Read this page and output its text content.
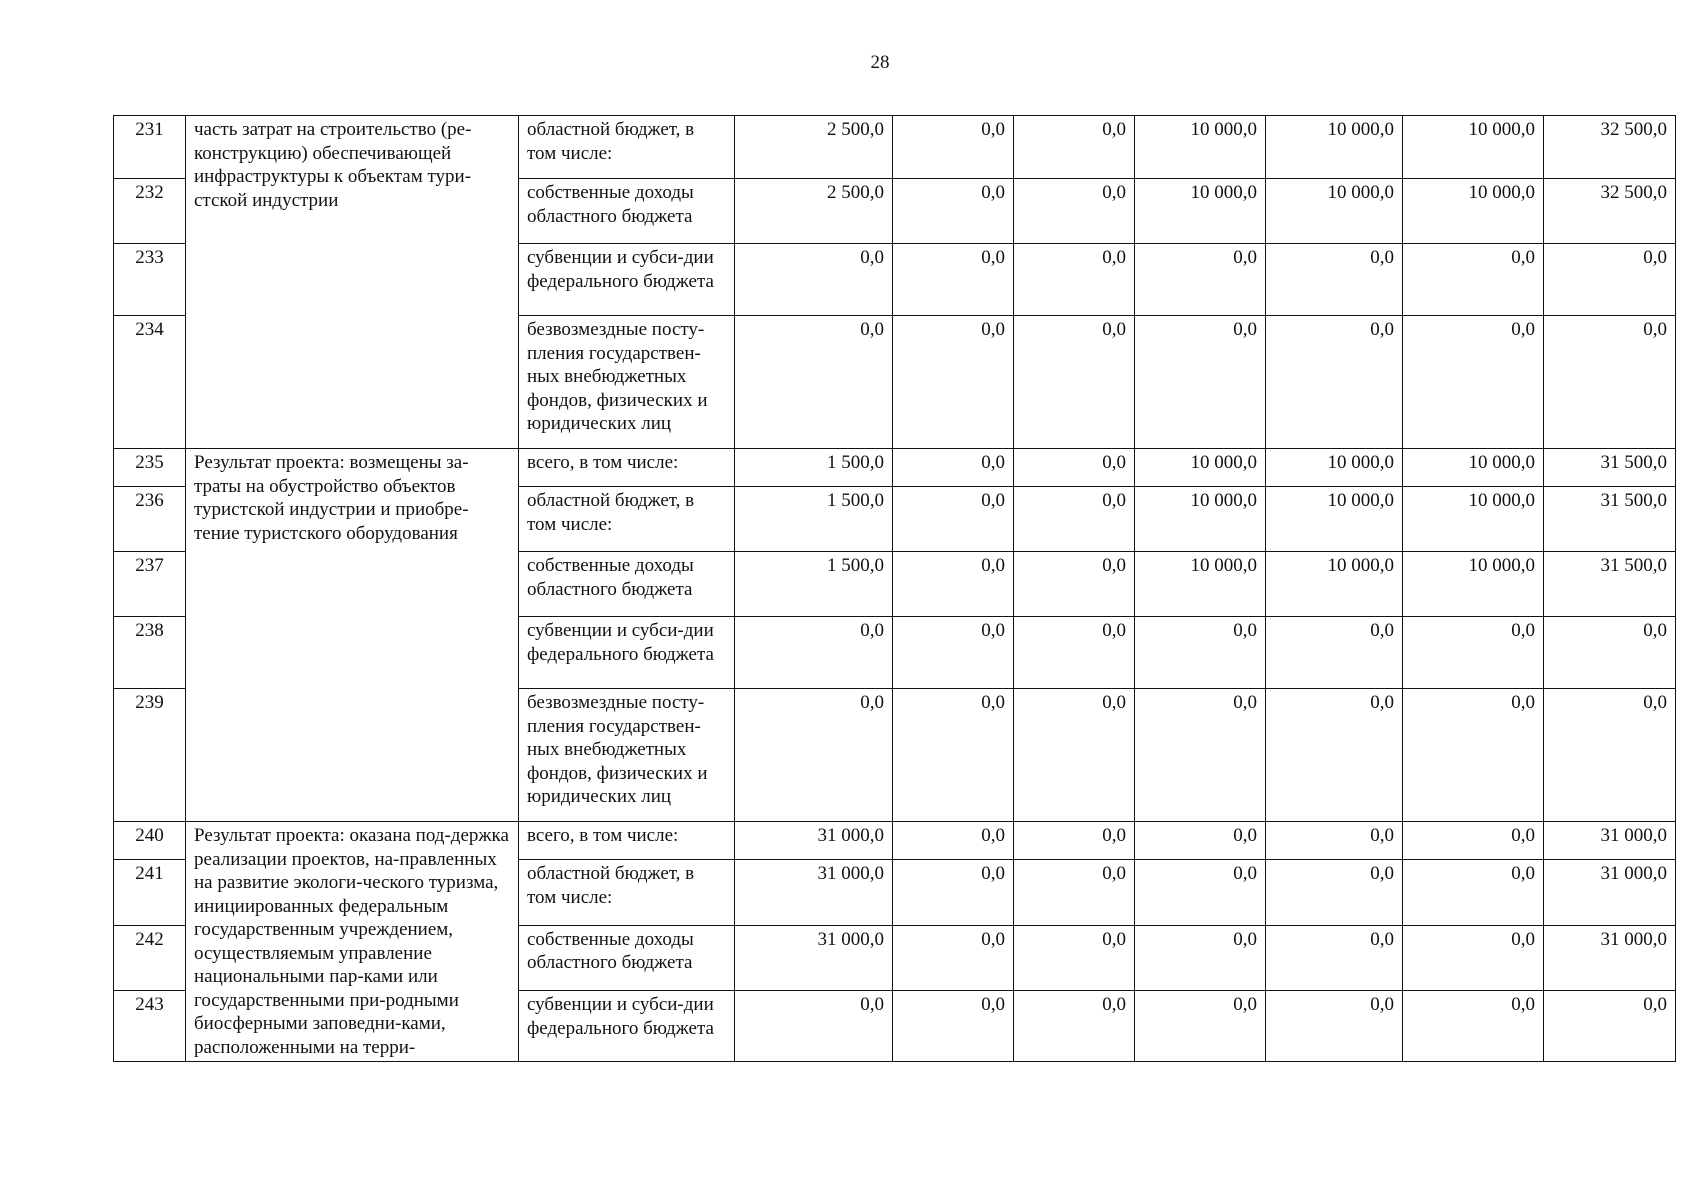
28
231	часть затрат на строительство (ре-конструкцию) обеспечивающей инфраструктуры к объектам тури-стской индустрии	областной бюджет, в том числе:	2 500,0	0,0	0,0	10 000,0	10 000,0	10 000,0	32 500,0
232		собственные доходы областного бюджета	2 500,0	0,0	0,0	10 000,0	10 000,0	10 000,0	32 500,0
233		субвенции и субси-дии федерального бюджета	0,0	0,0	0,0	0,0	0,0	0,0	0,0
234		безвозмездные посту-пления государствен-ных внебюджетных фондов, физических и юридических лиц	0,0	0,0	0,0	0,0	0,0	0,0	0,0
235	Результат проекта: возмещены за-траты на обустройство объектов туристской индустрии и приобре-тение туристского оборудования	всего, в том числе:	1 500,0	0,0	0,0	10 000,0	10 000,0	10 000,0	31 500,0
236		областной бюджет, в том числе:	1 500,0	0,0	0,0	10 000,0	10 000,0	10 000,0	31 500,0
237		собственные доходы областного бюджета	1 500,0	0,0	0,0	10 000,0	10 000,0	10 000,0	31 500,0
238		субвенции и субси-дии федерального бюджета	0,0	0,0	0,0	0,0	0,0	0,0	0,0
239		безвозмездные посту-пления государствен-ных внебюджетных фондов, физических и юридических лиц	0,0	0,0	0,0	0,0	0,0	0,0	0,0
240	Результат проекта: оказана под-держка реализации проектов, на-правленных на развитие экологи-ческого туризма, инициированных федеральным государственным учреждением, осуществляемым управление национальными пар-ками или государственными при-родными биосферными заповедни-ками, расположенными на терри-	всего, в том числе:	31 000,0	0,0	0,0	0,0	0,0	0,0	31 000,0
241		областной бюджет, в том числе:	31 000,0	0,0	0,0	0,0	0,0	0,0	31 000,0
242		собственные доходы областного бюджета	31 000,0	0,0	0,0	0,0	0,0	0,0	31 000,0
243		субвенции и субси-дии федерального бюджета	0,0	0,0	0,0	0,0	0,0	0,0	0,0
